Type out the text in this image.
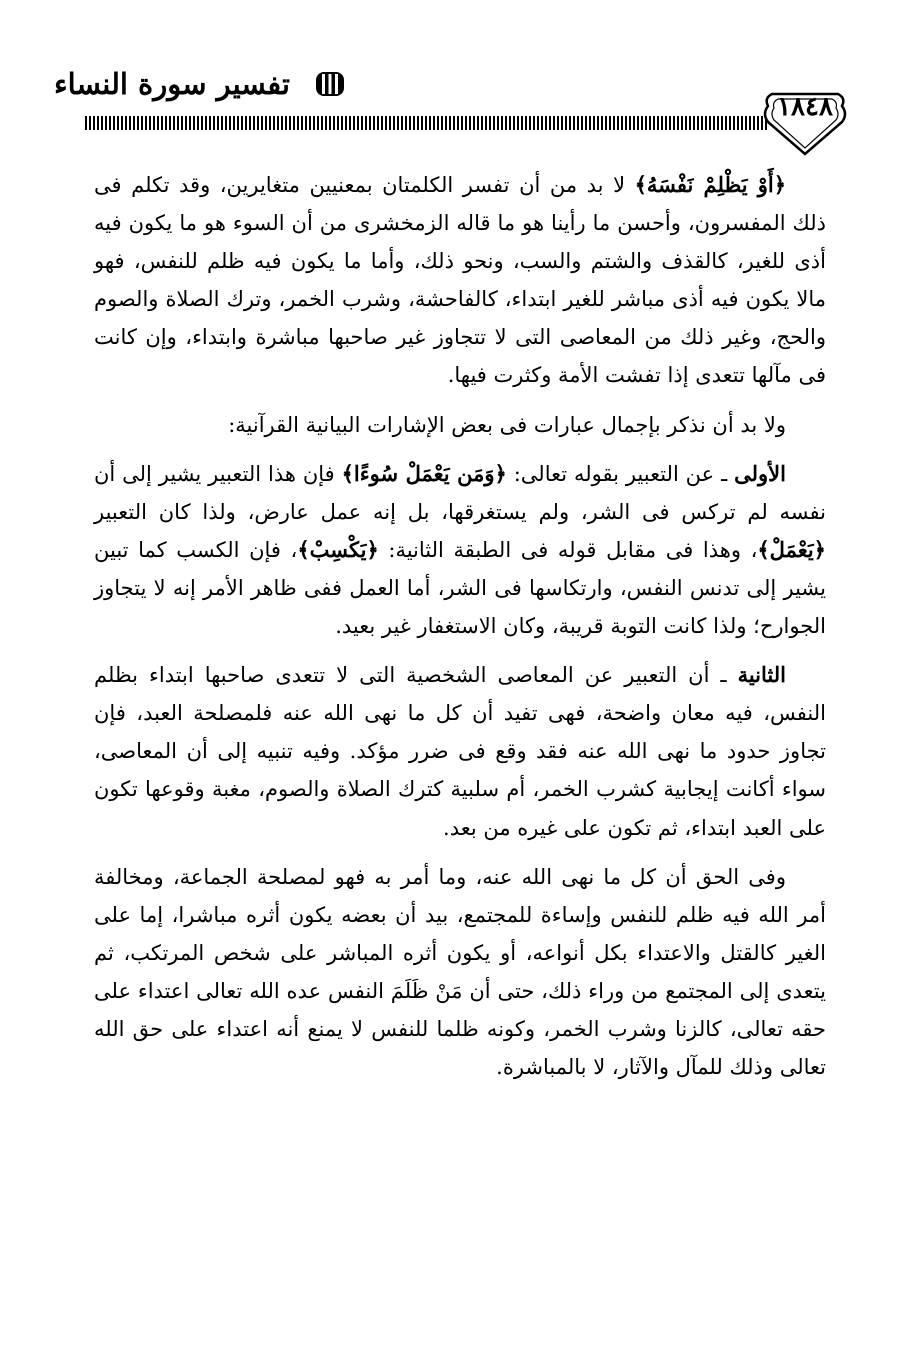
تفسير سورة النساء
١٨٤٨

﴿أَوْ يَظْلِمْ نَفْسَهُ﴾ لا بد من أن تفسر الكلمتان بمعنيين متغايرين، وقد تكلم فى ذلك المفسرون، وأحسن ما رأينا هو ما قاله الزمخشرى من أن السوء هو ما يكون فيه أذى للغير، كالقذف والشتم والسب، ونحو ذلك، وأما ما يكون فيه ظلم للنفس، فهو مالا يكون فيه أذى مباشر للغير ابتداء، كالفاحشة، وشرب الخمر، وترك الصلاة والصوم والحج، وغير ذلك من المعاصى التى لا تتجاوز غير صاحبها مباشرة وابتداء، وإن كانت فى مآلها تتعدى إذا تفشت الأمة وكثرت فيها.

ولا بد أن نذكر بإجمال عبارات فى بعض الإشارات البيانية القرآنية:

الأولى ـ عن التعبير بقوله تعالى: ﴿وَمَن يَعْمَلْ سُوءًا﴾ فإن هذا التعبير يشير إلى أن نفسه لم تركس فى الشر، ولم يستغرقها، بل إنه عمل عارض، ولذا كان التعبير ﴿يَعْمَلْ﴾، وهذا فى مقابل قوله فى الطبقة الثانية: ﴿يَكْسِبْ﴾، فإن الكسب كما تبين يشير إلى تدنس النفس، وارتكاسها فى الشر، أما العمل ففى ظاهر الأمر إنه لا يتجاوز الجوارح؛ ولذا كانت التوبة قريبة، وكان الاستغفار غير بعيد.

الثانية ـ أن التعبير عن المعاصى الشخصية التى لا تتعدى صاحبها ابتداء بظلم النفس، فيه معان واضحة، فهى تفيد أن كل ما نهى الله عنه فلمصلحة العبد، فإن تجاوز حدود ما نهى الله عنه فقد وقع فى ضرر مؤكد. وفيه تنبيه إلى أن المعاصى، سواء أكانت إيجابية كشرب الخمر، أم سلبية كترك الصلاة والصوم، مغبة وقوعها تكون على العبد ابتداء، ثم تكون على غيره من بعد.

وفى الحق أن كل ما نهى الله عنه، وما أمر به فهو لمصلحة الجماعة، ومخالفة أمر الله فيه ظلم للنفس وإساءة للمجتمع، بيد أن بعضه يكون أثره مباشرا، إما على الغير كالقتل والاعتداء بكل أنواعه، أو يكون أثره المباشر على شخص المرتكب، ثم يتعدى إلى المجتمع من وراء ذلك، حتى أن مَنْ ظَلَمَ النفس عده الله تعالى اعتداء على حقه تعالى، كالزنا وشرب الخمر، وكونه ظلما للنفس لا يمنع أنه اعتداء على حق الله تعالى وذلك للمآل والآثار، لا بالمباشرة.
